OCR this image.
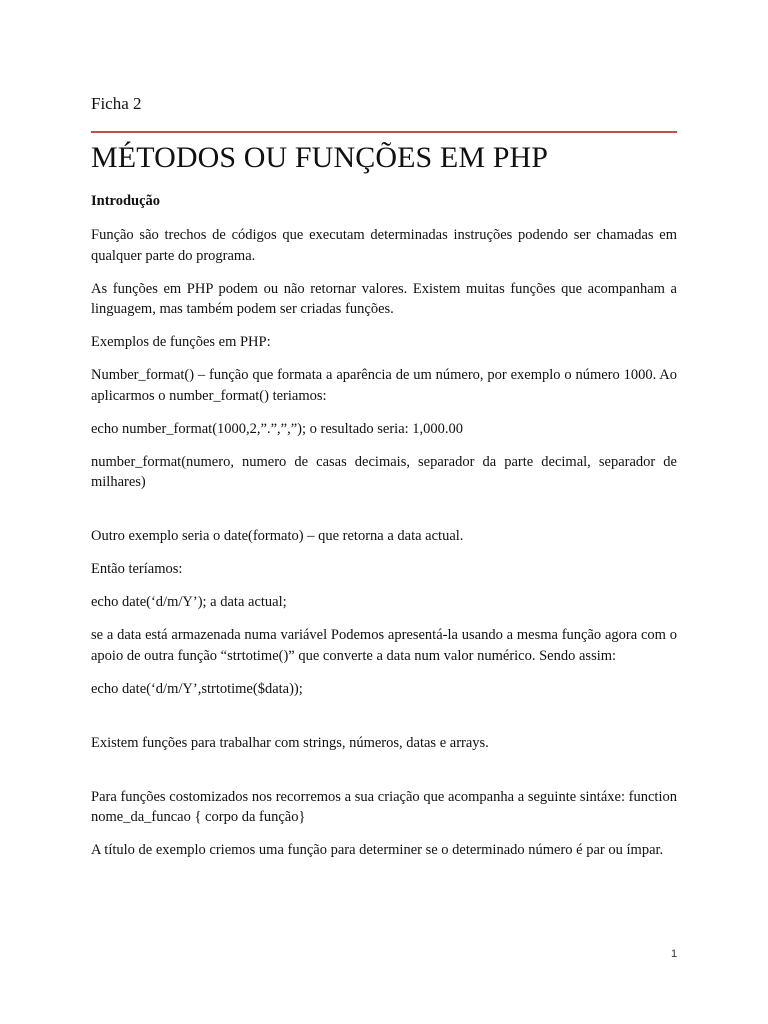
Ficha 2
MÉTODOS OU FUNÇÕES EM PHP
Introdução

Função são trechos de códigos que executam determinadas instruções podendo ser chamadas em qualquer parte do programa.

As funções em PHP podem ou não retornar valores. Existem muitas funções que acompanham a linguagem, mas também podem ser criadas funções.

Exemplos de funções em PHP:

Number_format() – função que formata a aparência de um número, por exemplo o número 1000. Ao aplicarmos o number_format() teriamos:

echo number_format(1000,2,”.”,”,”); o resultado seria: 1,000.00

number_format(numero, numero de casas decimais, separador da parte decimal, separador de milhares)

Outro exemplo seria o date(formato) – que retorna a data actual.

Então teríamos:

echo date(‘d/m/Y’); a data actual;

se a data está armazenada numa variável Podemos apresentá-la usando a mesma função agora com o apoio de outra função “strtotime()” que converte a data num valor numérico. Sendo assim:

echo date(‘d/m/Y’,strtotime($data));

Existem funções para trabalhar com strings, números, datas e arrays.

Para funções costomizados nos recorremos a sua criação que acompanha a seguinte sintáxe: function nome_da_funcao { corpo da função}

A título de exemplo criemos uma função para determiner se o determinado número é par ou ímpar.

1
